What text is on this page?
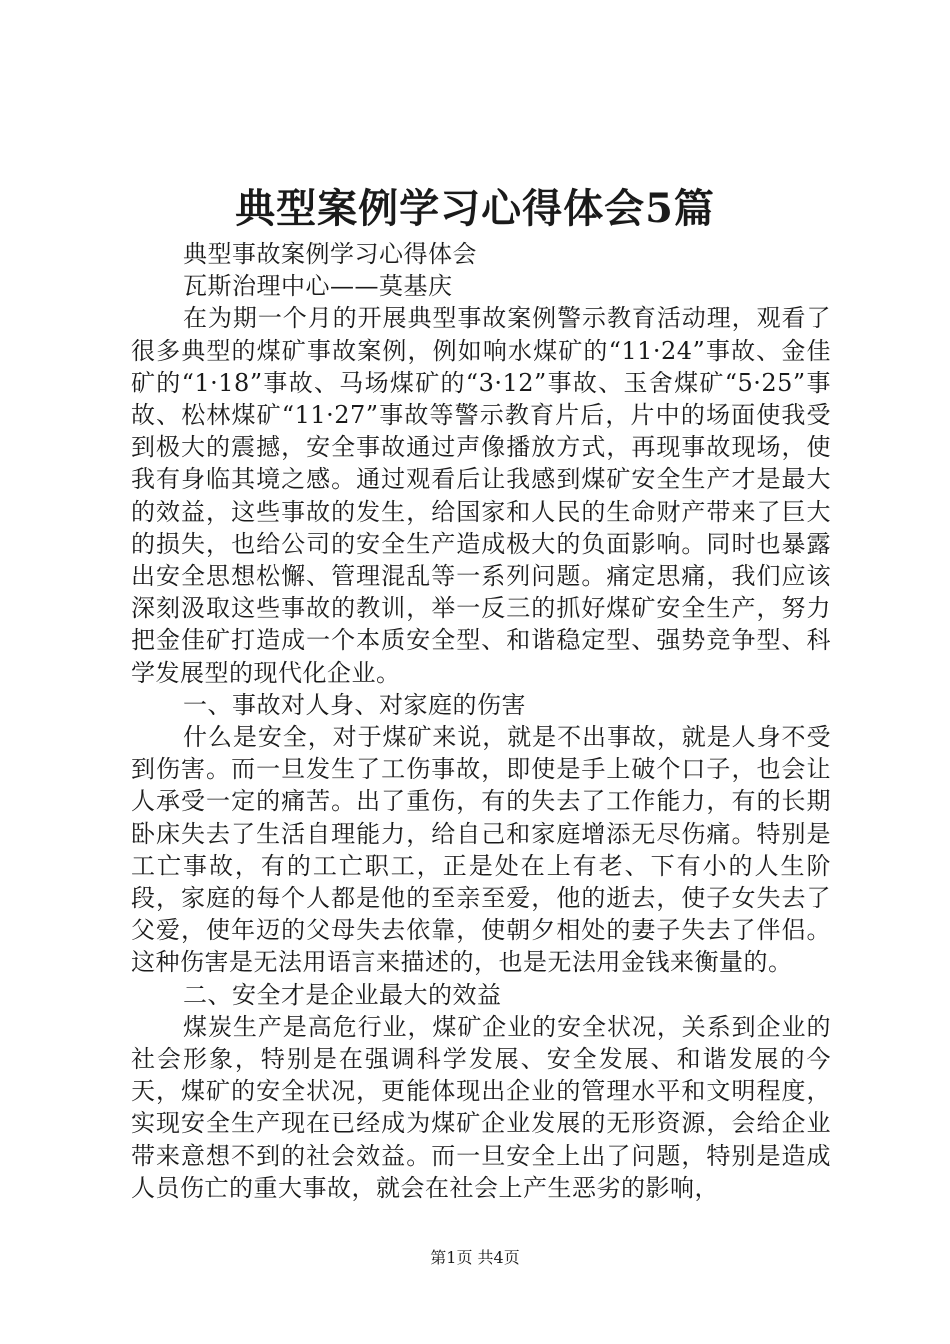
典型案例学习心得体会5篇

典型事故案例学习心得体会

瓦斯治理中心——莫基庆

在为期一个月的开展典型事故案例警示教育活动理，观看了很多典型的煤矿事故案例，例如响水煤矿的“11·24”事故、金佳矿的“1·18”事故、马场煤矿的“3·12”事故、玉舍煤矿“5·25”事故、松林煤矿“11·27”事故等警示教育片后，片中的场面使我受到极大的震撼，安全事故通过声像播放方式，再现事故现场，使我有身临其境之感。通过观看后让我感到煤矿安全生产才是最大的效益，这些事故的发生，给国家和人民的生命财产带来了巨大的损失，也给公司的安全生产造成极大的负面影响。同时也暴露出安全思想松懈、管理混乱等一系列问题。痛定思痛，我们应该深刻汲取这些事故的教训，举一反三的抓好煤矿安全生产，努力把金佳矿打造成一个本质安全型、和谐稳定型、强势竞争型、科学发展型的现代化企业。

一、事故对人身、对家庭的伤害

什么是安全，对于煤矿来说，就是不出事故，就是人身不受到伤害。而一旦发生了工伤事故，即使是手上破个口子，也会让人承受一定的痛苦。出了重伤，有的失去了工作能力，有的长期卧床失去了生活自理能力，给自己和家庭增添无尽伤痛。特别是工亡事故，有的工亡职工，正是处在上有老、下有小的人生阶段，家庭的每个人都是他的至亲至爱，他的逝去，使子女失去了父爱，使年迈的父母失去依靠，使朝夕相处的妻子失去了伴侣。这种伤害是无法用语言来描述的，也是无法用金钱来衡量的。

二、安全才是企业最大的效益

煤炭生产是高危行业，煤矿企业的安全状况，关系到企业的社会形象，特别是在强调科学发展、安全发展、和谐发展的今天，煤矿的安全状况，更能体现出企业的管理水平和文明程度，实现安全生产现在已经成为煤矿企业发展的无形资源，会给企业带来意想不到的社会效益。而一旦安全上出了问题，特别是造成人员伤亡的重大事故，就会在社会上产生恶劣的影响，

第1页 共4页
